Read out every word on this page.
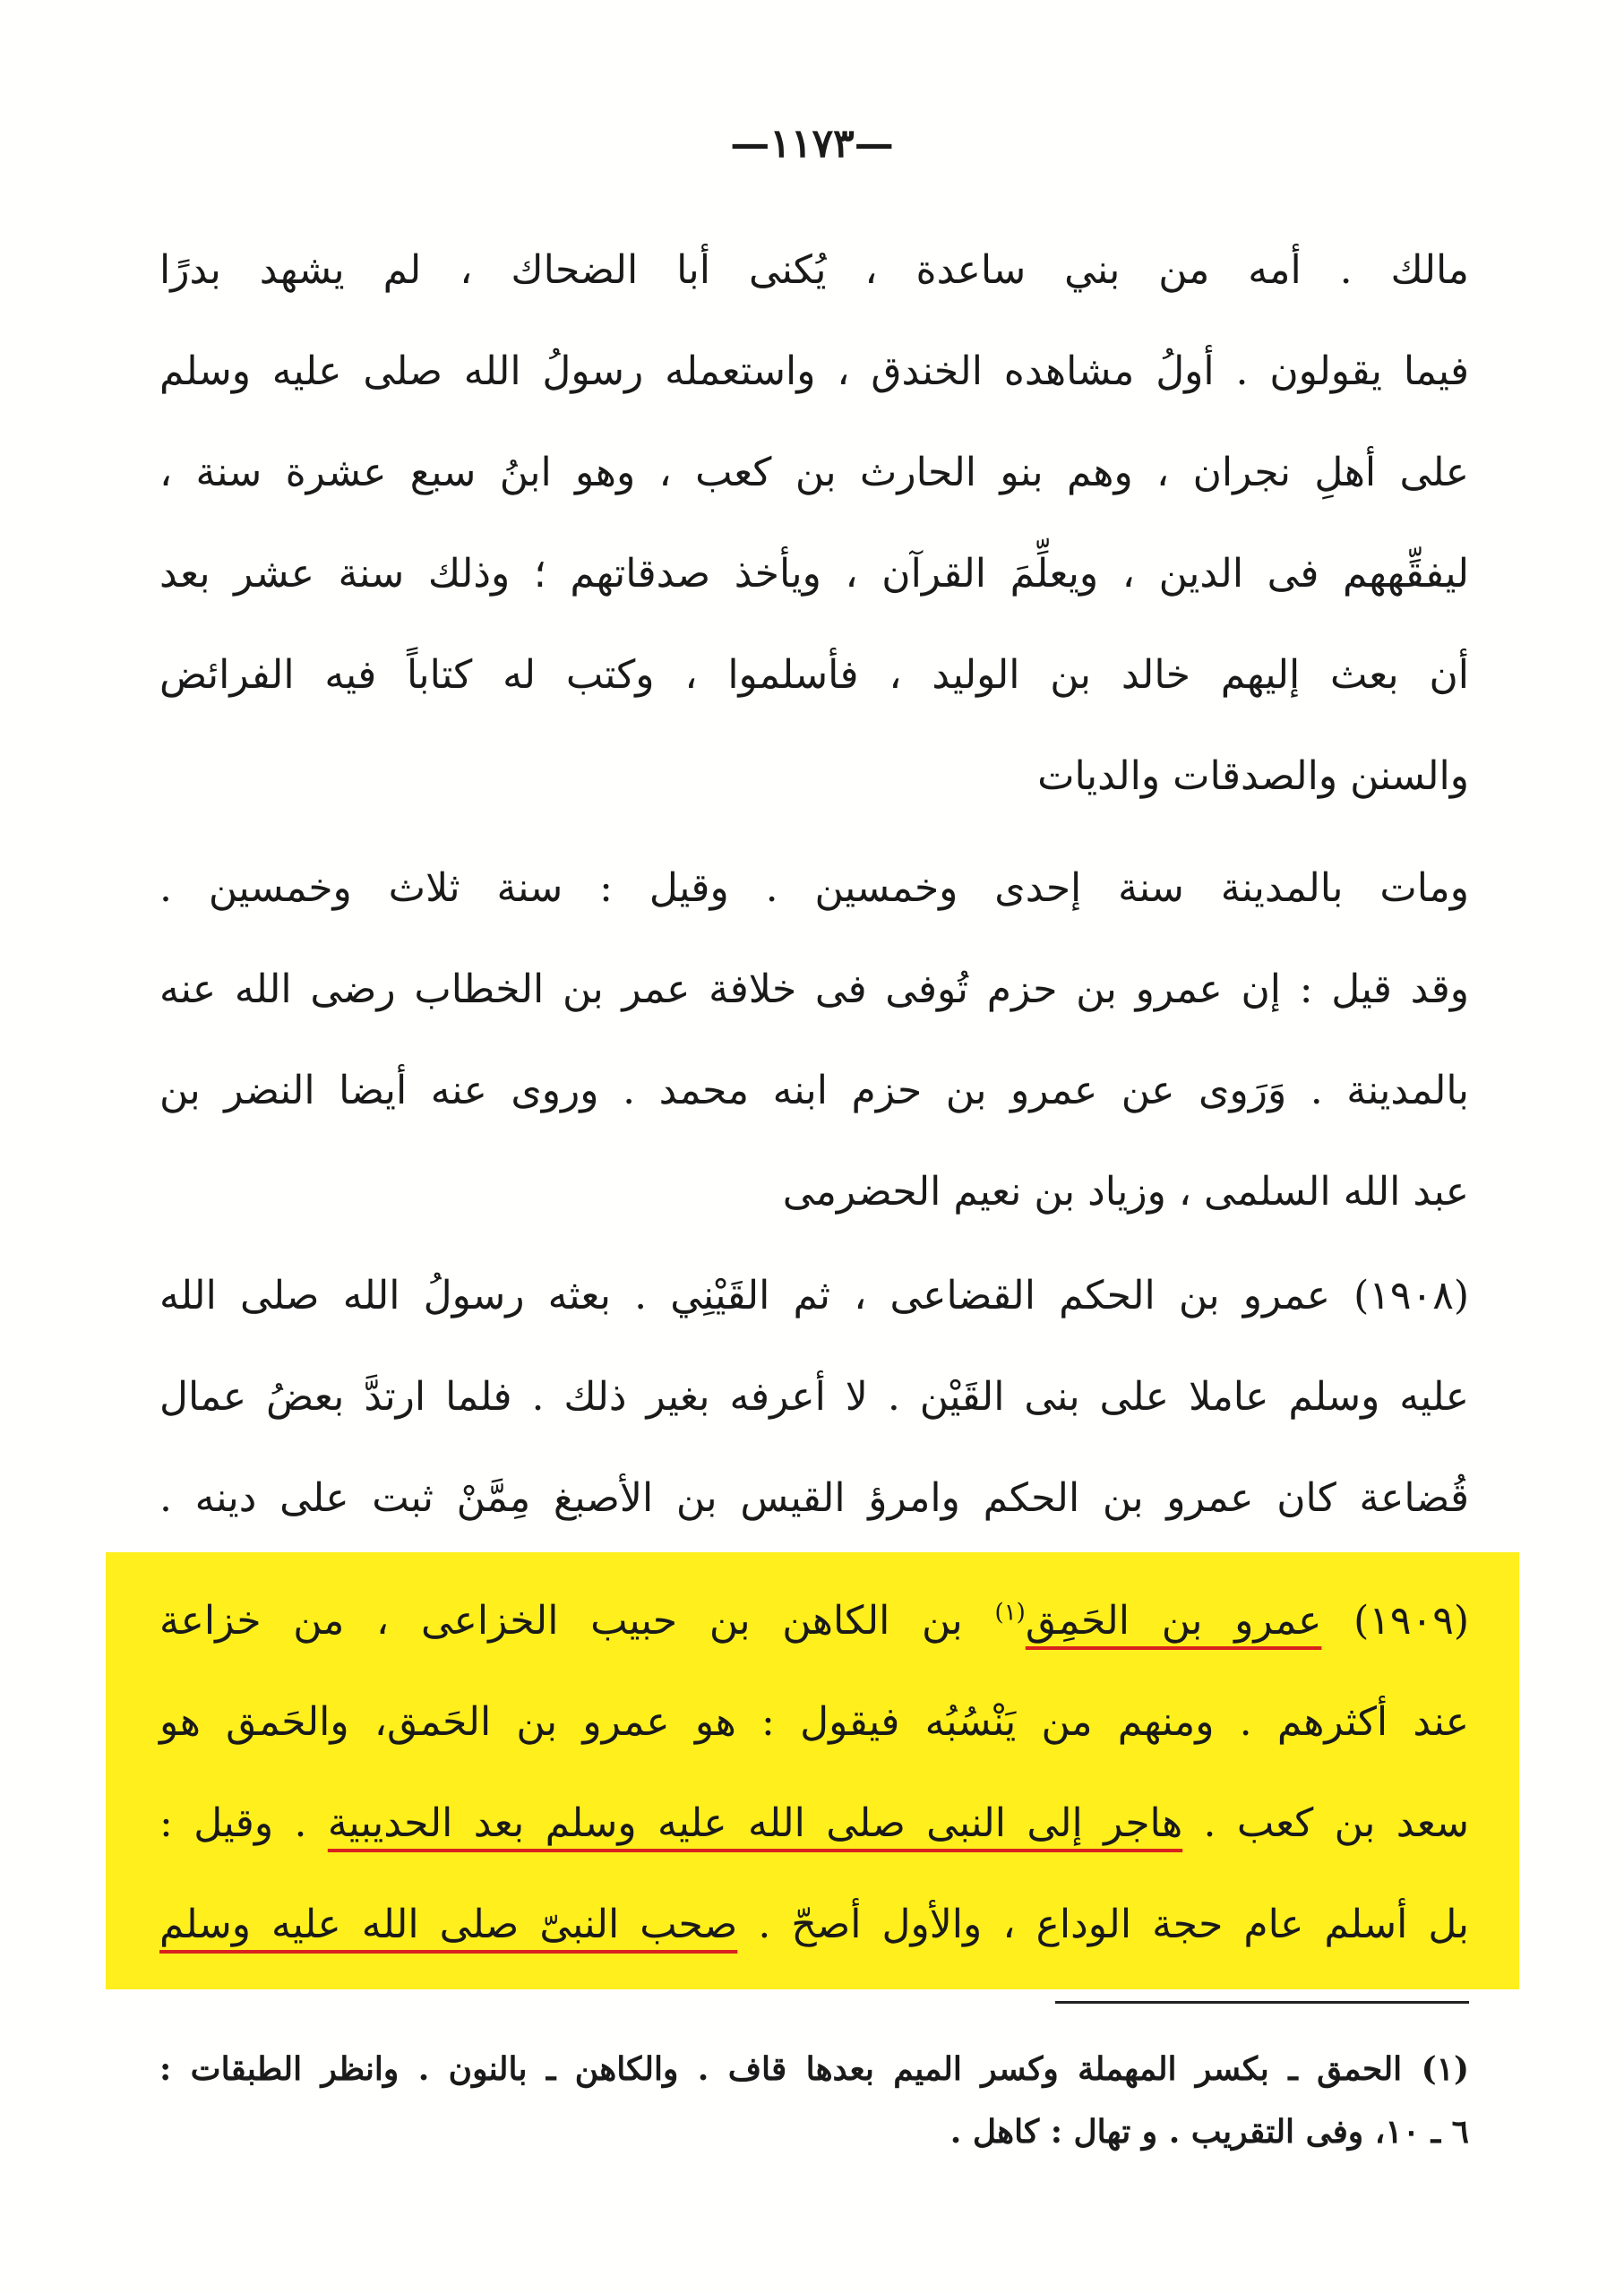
—١١٧٣—
مالك . أمه من بني ساعدة ، يُكنى أبا الضحاك ، لم يشهد بدرًا
فيما يقولون . أولُ مشاهده الخندق ، واستعمله رسولُ الله صلى عليه وسلم
على أهلِ نجران ، وهم بنو الحارث بن كعب ، وهو ابنُ سبع عشرة سنة ،
ليفقِّههم فى الدين ، ويعلِّمَ القرآن ، ويأخذ صدقاتهم ؛ وذلك سنة عشر بعد
أن بعث إليهم خالد بن الوليد ، فأسلموا ، وكتب له كتاباً فيه الفرائض
والسنن والصدقات والديات
ومات بالمدينة سنة إحدى وخمسين . وقيل : سنة ثلاث وخمسين .
وقد قيل : إن عمرو بن حزم تُوفى فى خلافة عمر بن الخطاب رضى الله عنه
بالمدينة . وَرَوى عن عمرو بن حزم ابنه محمد . وروى عنه أيضا النضر بن
عبد الله السلمى ، وزياد بن نعيم الحضرمى
(١٩٠٨) عمرو بن الحكم القضاعى ، ثم القَيْنِي . بعثه رسولُ الله صلى الله
عليه وسلم عاملا على بنى القَيْن . لا أعرفه بغير ذلك . فلما ارتدَّ بعضُ عمال
قُضاعة كان عمرو بن الحكم وامرؤ القيس بن الأصبغ مِمَّنْ ثبت على دينه .
(١٩٠٩) عمرو بن الحَمِق$^{(١)}$ بن الكاهن بن حبيب الخزاعى ، من خزاعة
عند أكثرهم . ومنهم من يَنْسُبُه فيقول : هو عمرو بن الحَمق، والحَمق هو
سعد بن كعب . هاجر إلى النبى صلى الله عليه وسلم بعد الحديبية . وقيل :
بل أسلم عام حجة الوداع ، والأول أصحّ . صحب النبىّ صلى الله عليه وسلم
(١) الحمق ـ بكسر المهملة وكسر الميم بعدها قاف . والكاهن ـ بالنون . وانظر الطبقات :
٦ ـ ١٠، وفى التقريب . و تهال : كاهل .
